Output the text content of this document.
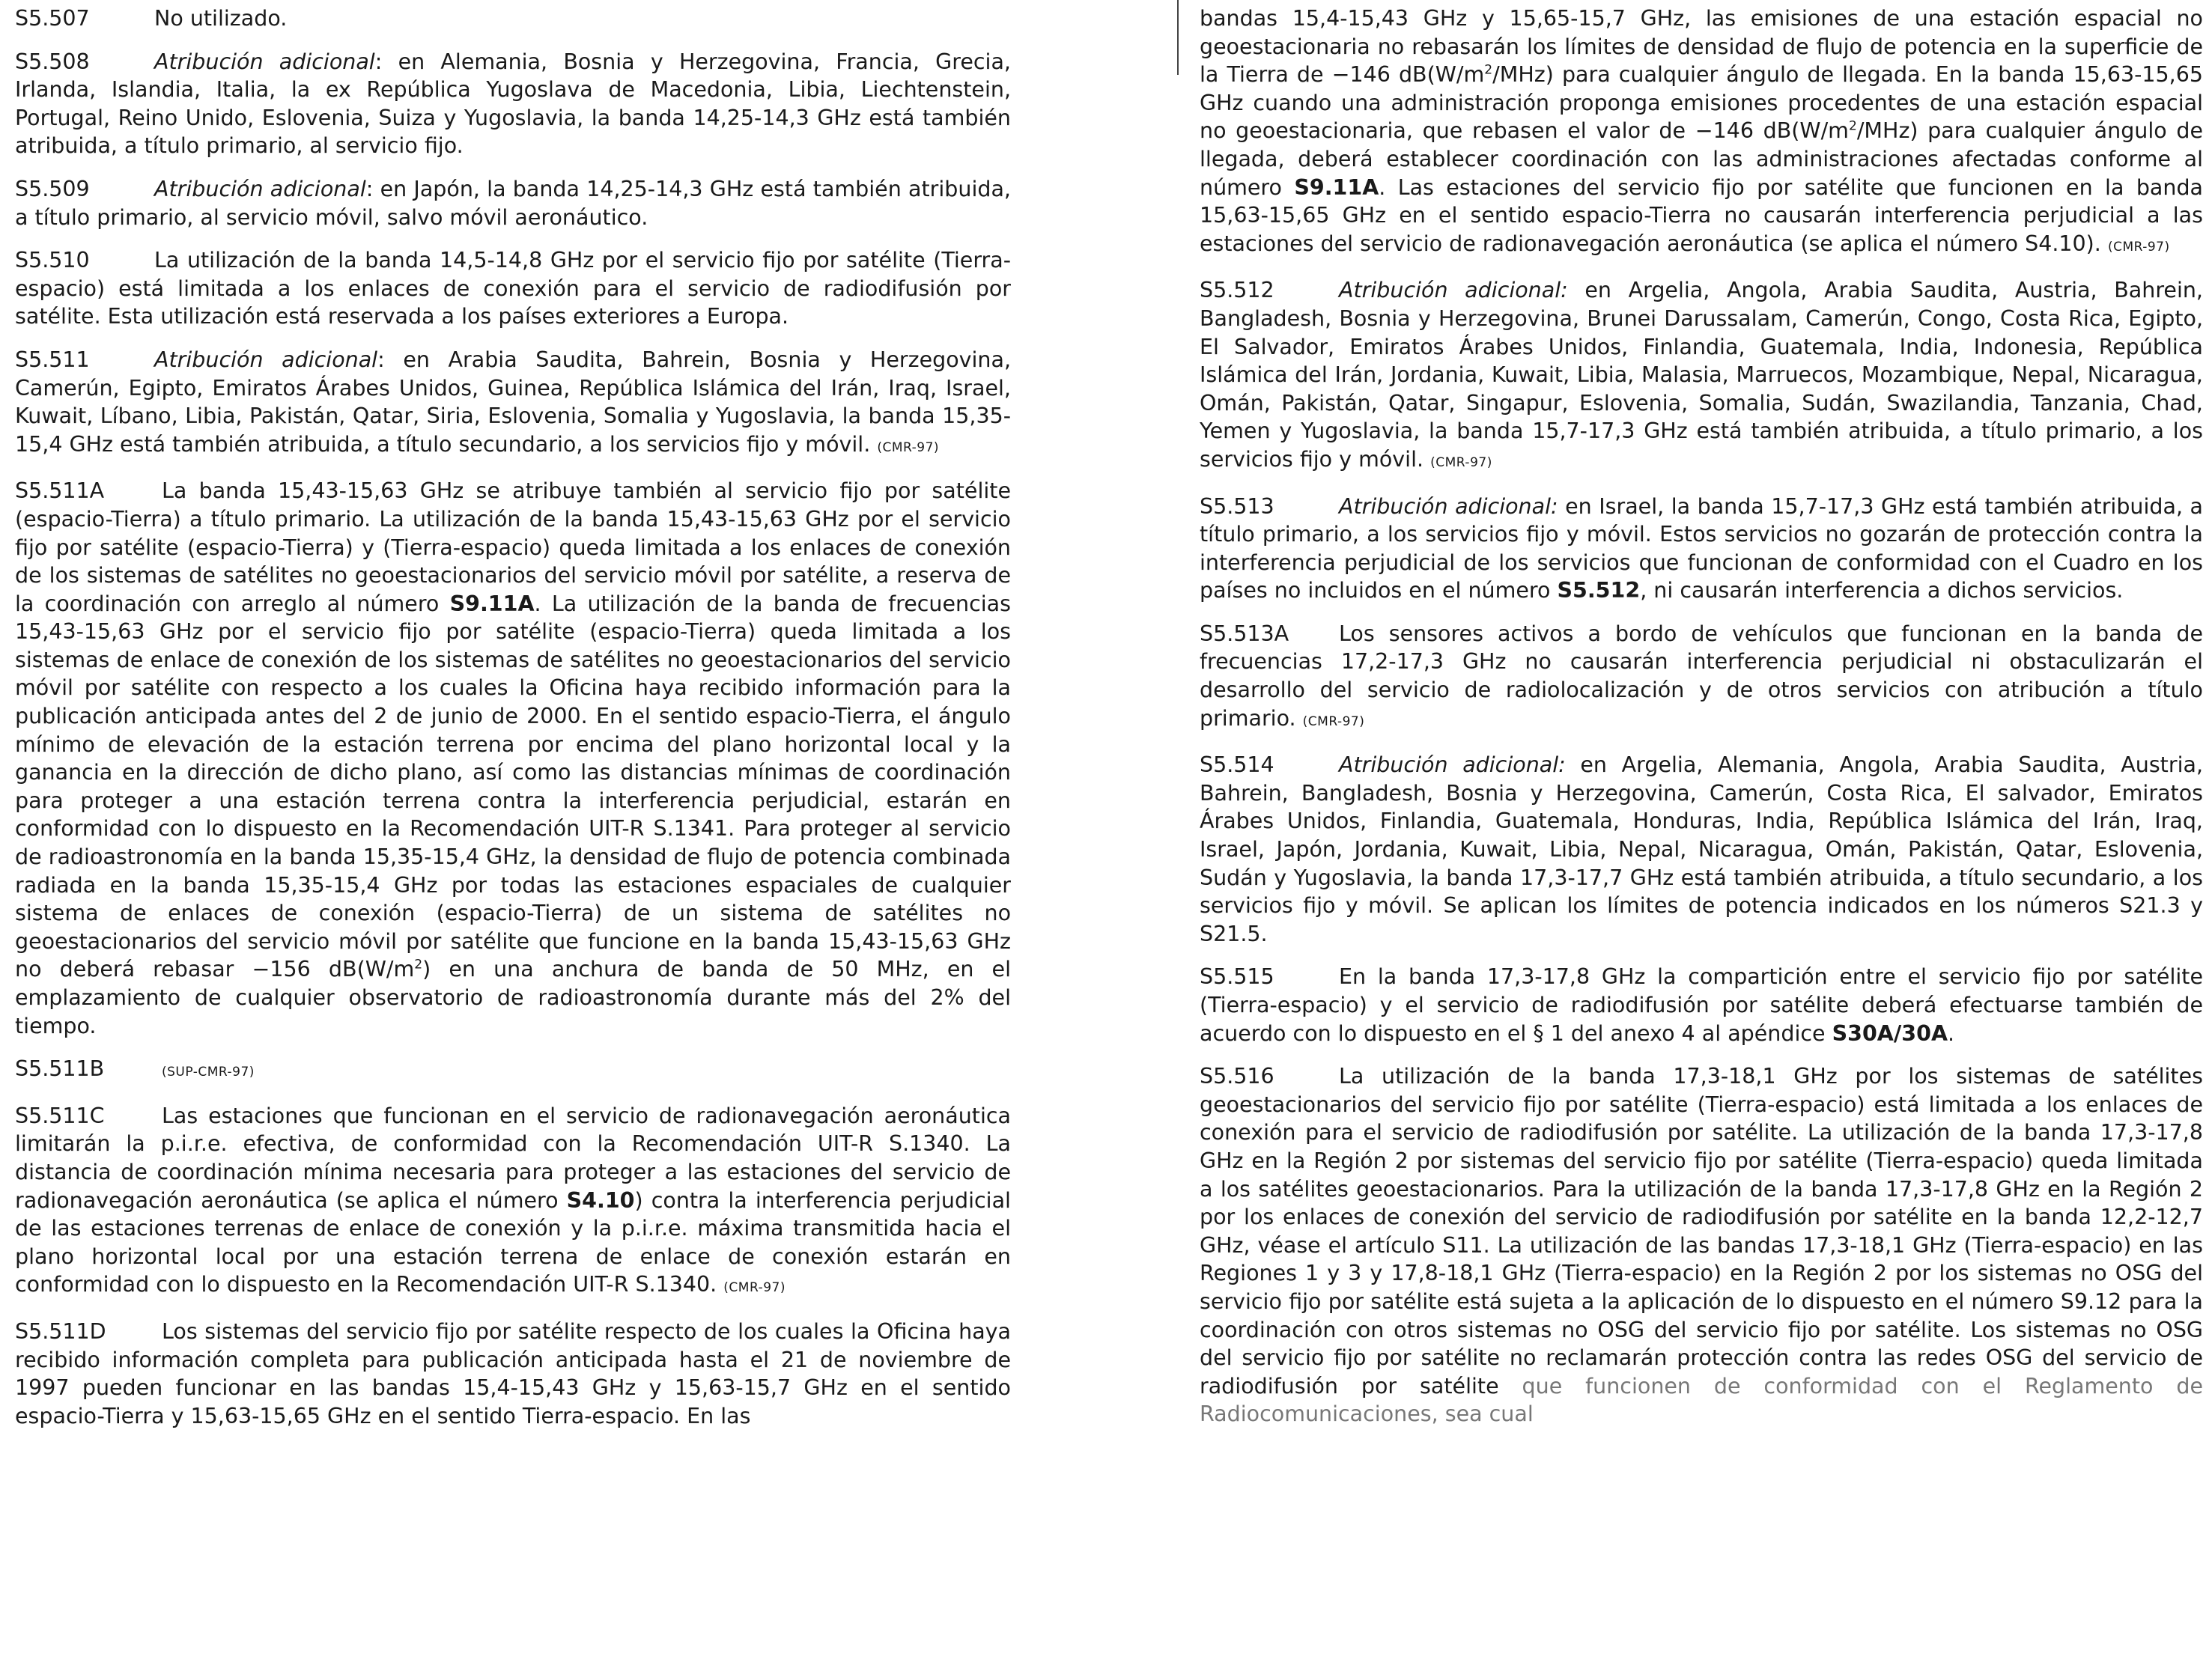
S5.507	No utilizado.

S5.508	Atribución adicional: en Alemania, Bosnia y Herzegovina, Francia, Grecia, Irlanda, Islandia, Italia, la ex República Yugoslava de Macedonia, Libia, Liechtenstein, Portugal, Reino Unido, Eslovenia, Suiza y Yugoslavia, la banda 14,25-14,3 GHz está también atribuida, a título primario, al servicio fijo.

S5.509	Atribución adicional: en Japón, la banda 14,25-14,3 GHz está también atribuida, a título primario, al servicio móvil, salvo móvil aeronáutico.

S5.510	La utilización de la banda 14,5-14,8 GHz por el servicio fijo por satélite (Tierra-espacio) está limitada a los enlaces de conexión para el servicio de radiodifusión por satélite. Esta utilización está reservada a los países exteriores a Europa.

S5.511	Atribución adicional: en Arabia Saudita, Bahrein, Bosnia y Herzegovina, Camerún, Egipto, Emiratos Árabes Unidos, Guinea, República Islámica del Irán, Iraq, Israel, Kuwait, Líbano, Libia, Pakistán, Qatar, Siria, Eslovenia, Somalia y Yugoslavia, la banda 15,35-15,4 GHz está también atribuida, a título secundario, a los servicios fijo y móvil. (CMR-97)

S5.511A	La banda 15,43-15,63 GHz se atribuye también al servicio fijo por satélite (espacio-Tierra) a título primario. La utilización de la banda 15,43-15,63 GHz por el servicio fijo por satélite (espacio-Tierra) y (Tierra-espacio) queda limitada a los enlaces de conexión de los sistemas de satélites no geoestacionarios del servicio móvil por satélite, a reserva de la coordinación con arreglo al número S9.11A. La utilización de la banda de frecuencias 15,43-15,63 GHz por el servicio fijo por satélite (espacio-Tierra) queda limitada a los sistemas de enlace de conexión de los sistemas de satélites no geoestacionarios del servicio móvil por satélite con respecto a los cuales la Oficina haya recibido información para la publicación anticipada antes del 2 de junio de 2000. En el sentido espacio-Tierra, el ángulo mínimo de elevación de la estación terrena por encima del plano horizontal local y la ganancia en la dirección de dicho plano, así como las distancias mínimas de coordinación para proteger a una estación terrena contra la interferencia perjudicial, estarán en conformidad con lo dispuesto en la Recomendación UIT-R S.1341. Para proteger al servicio de radioastronomía en la banda 15,35-15,4 GHz, la densidad de flujo de potencia combinada radiada en la banda 15,35-15,4 GHz por todas las estaciones espaciales de cualquier sistema de enlaces de conexión (espacio-Tierra) de un sistema de satélites no geoestacionarios del servicio móvil por satélite que funcione en la banda 15,43-15,63 GHz no deberá rebasar −156 $dB(W/m^2)$ en una anchura de banda de 50 MHz, en el emplazamiento de cualquier observatorio de radioastronomía durante más del 2% del tiempo.

S5.511B	(SUP-CMR-97)

S5.511C	Las estaciones que funcionan en el servicio de radionavegación aeronáutica limitarán la p.i.r.e. efectiva, de conformidad con la Recomendación UIT-R S.1340. La distancia de coordinación mínima necesaria para proteger a las estaciones del servicio de radionavegación aeronáutica (se aplica el número S4.10) contra la interferencia perjudicial de las estaciones terrenas de enlace de conexión y la p.i.r.e. máxima transmitida hacia el plano horizontal local por una estación terrena de enlace de conexión estarán en conformidad con lo dispuesto en la Recomendación UIT-R S.1340. (CMR-97)

S5.511D	Los sistemas del servicio fijo por satélite respecto de los cuales la Oficina haya recibido información completa para publicación anticipada hasta el 21 de noviembre de 1997 pueden funcionar en las bandas 15,4-15,43 GHz y 15,63-15,7 GHz en el sentido espacio-Tierra y 15,63-15,65 GHz en el sentido Tierra-espacio. En las

bandas 15,4-15,43 GHz y 15,65-15,7 GHz, las emisiones de una estación espacial no geoestacionaria no rebasarán los límites de densidad de flujo de potencia en la superficie de la Tierra de −146 $dB(W/m^2/MHz)$ para cualquier ángulo de llegada. En la banda 15,63-15,65 GHz cuando una administración proponga emisiones procedentes de una estación espacial no geoestacionaria, que rebasen el valor de −146 $dB(W/m^2/MHz)$ para cualquier ángulo de llegada, deberá establecer coordinación con las administraciones afectadas conforme al número S9.11A. Las estaciones del servicio fijo por satélite que funcionen en la banda 15,63-15,65 GHz en el sentido espacio-Tierra no causarán interferencia perjudicial a las estaciones del servicio de radionavegación aeronáutica (se aplica el número S4.10). (CMR-97)

S5.512	Atribución adicional: en Argelia, Angola, Arabia Saudita, Austria, Bahrein, Bangladesh, Bosnia y Herzegovina, Brunei Darussalam, Camerún, Congo, Costa Rica, Egipto, El Salvador, Emiratos Árabes Unidos, Finlandia, Guatemala, India, Indonesia, República Islámica del Irán, Jordania, Kuwait, Libia, Malasia, Marruecos, Mozambique, Nepal, Nicaragua, Omán, Pakistán, Qatar, Singapur, Eslovenia, Somalia, Sudán, Swazilandia, Tanzania, Chad, Yemen y Yugoslavia, la banda 15,7-17,3 GHz está también atribuida, a título primario, a los servicios fijo y móvil. (CMR-97)

S5.513	Atribución adicional: en Israel, la banda 15,7-17,3 GHz está también atribuida, a título primario, a los servicios fijo y móvil. Estos servicios no gozarán de protección contra la interferencia perjudicial de los servicios que funcionan de conformidad con el Cuadro en los países no incluidos en el número S5.512, ni causarán interferencia a dichos servicios.

S5.513A Los sensores activos a bordo de vehículos que funcionan en la banda de frecuencias 17,2-17,3 GHz no causarán interferencia perjudicial ni obstaculizarán el desarrollo del servicio de radiolocalización y de otros servicios con atribución a título primario. (CMR-97)

S5.514	Atribución adicional: en Argelia, Alemania, Angola, Arabia Saudita, Austria, Bahrein, Bangladesh, Bosnia y Herzegovina, Camerún, Costa Rica, El salvador, Emiratos Árabes Unidos, Finlandia, Guatemala, Honduras, India, República Islámica del Irán, Iraq, Israel, Japón, Jordania, Kuwait, Libia, Nepal, Nicaragua, Omán, Pakistán, Qatar, Eslovenia, Sudán y Yugoslavia, la banda 17,3-17,7 GHz está también atribuida, a título secundario, a los servicios fijo y móvil. Se aplican los límites de potencia indicados en los números S21.3 y S21.5.

S5.515	En la banda 17,3-17,8 GHz la compartición entre el servicio fijo por satélite (Tierra-espacio) y el servicio de radiodifusión por satélite deberá efectuarse también de acuerdo con lo dispuesto en el § 1 del anexo 4 al apéndice S30A/30A.

S5.516	La utilización de la banda 17,3-18,1 GHz por los sistemas de satélites geoestacionarios del servicio fijo por satélite (Tierra-espacio) está limitada a los enlaces de conexión para el servicio de radiodifusión por satélite. La utilización de la banda 17,3-17,8 GHz en la Región 2 por sistemas del servicio fijo por satélite (Tierra-espacio) queda limitada a los satélites geoestacionarios. Para la utilización de la banda 17,3-17,8 GHz en la Región 2 por los enlaces de conexión del servicio de radiodifusión por satélite en la banda 12,2-12,7 GHz, véase el artículo S11. La utilización de las bandas 17,3-18,1 GHz (Tierra-espacio) en las Regiones 1 y 3 y 17,8-18,1 GHz (Tierra-espacio) en la Región 2 por los sistemas no OSG del servicio fijo por satélite está sujeta a la aplicación de lo dispuesto en el número S9.12 para la coordinación con otros sistemas no OSG del servicio fijo por satélite. Los sistemas no OSG del servicio fijo por satélite no reclamarán protección contra las redes OSG del servicio de radiodifusión por satélite que funcionen de conformidad con el Reglamento de Radiocomunicaciones, sea cual
